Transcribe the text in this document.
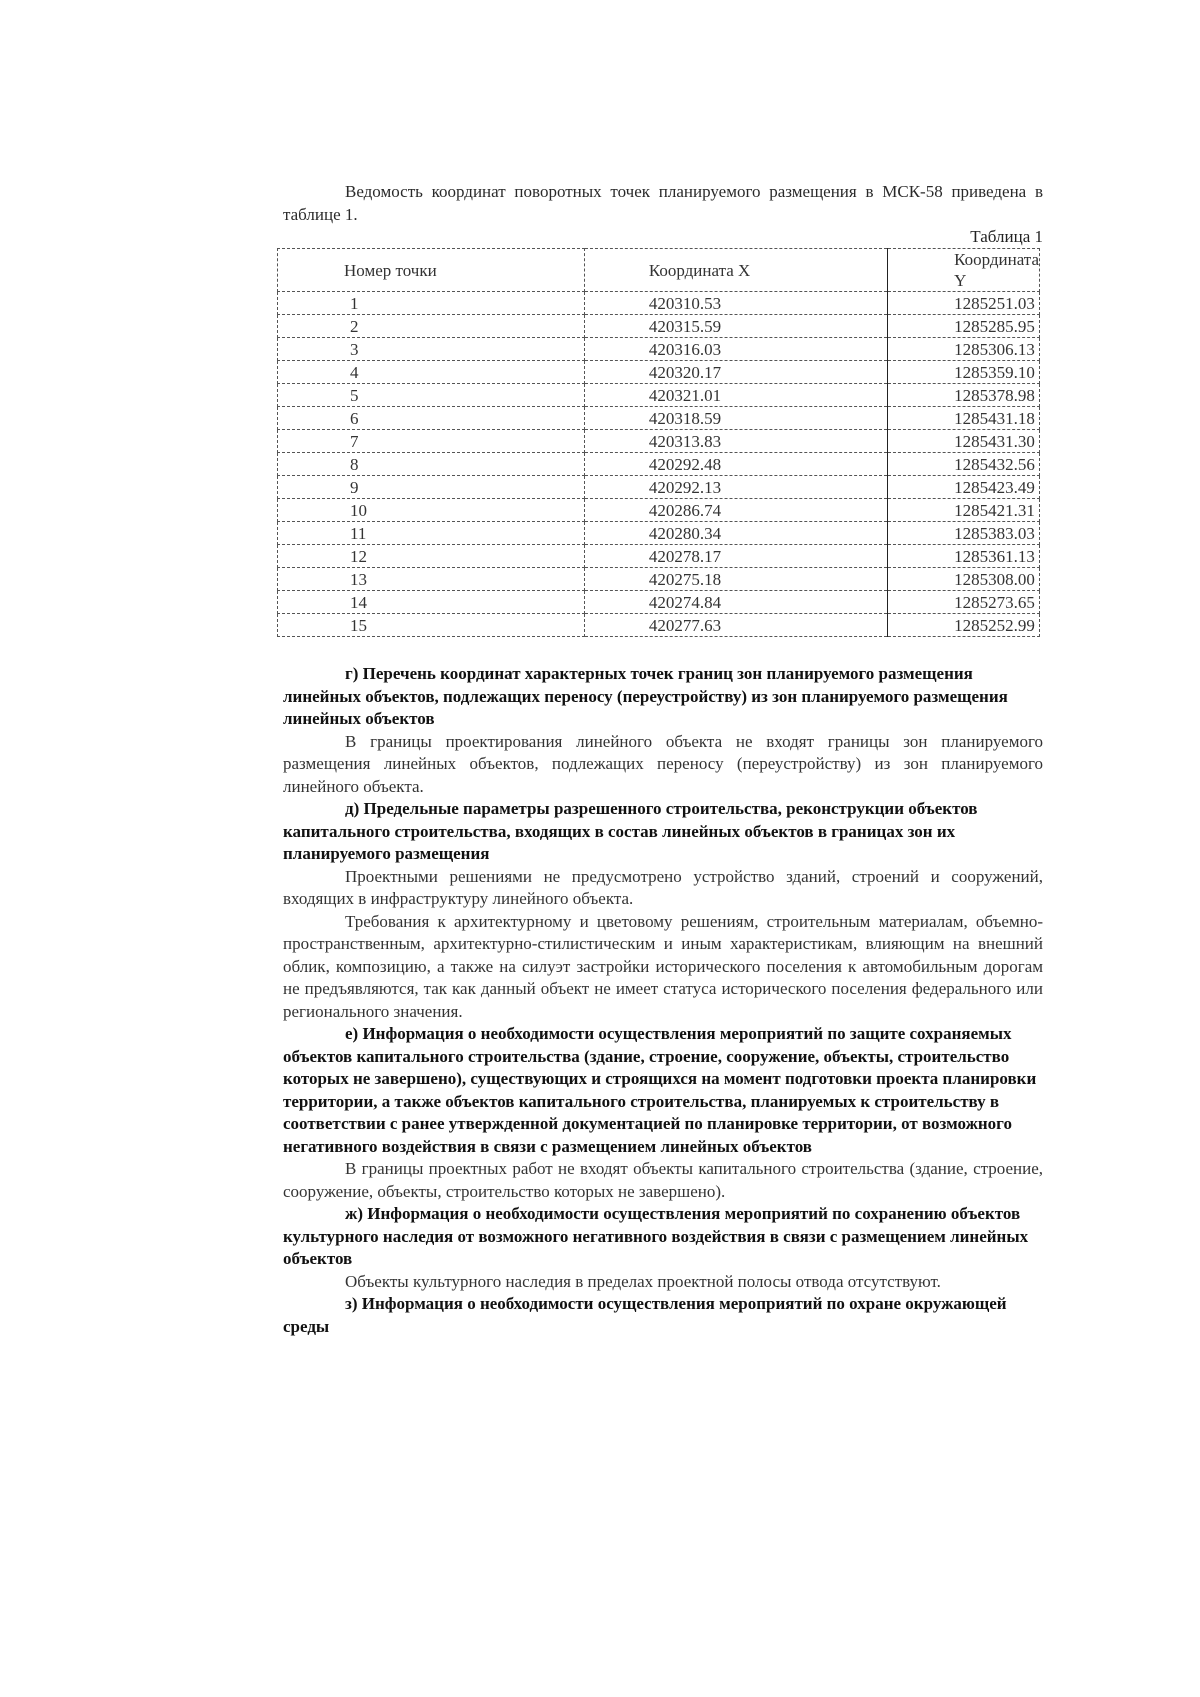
Ведомость координат поворотных точек планируемого размещения в МСК-58 приведена в таблице 1.

Таблица 1

Номер точки	Координата X	Координата Y
1	420310.53	1285251.03
2	420315.59	1285285.95
3	420316.03	1285306.13
4	420320.17	1285359.10
5	420321.01	1285378.98
6	420318.59	1285431.18
7	420313.83	1285431.30
8	420292.48	1285432.56
9	420292.13	1285423.49
10	420286.74	1285421.31
11	420280.34	1285383.03
12	420278.17	1285361.13
13	420275.18	1285308.00
14	420274.84	1285273.65
15	420277.63	1285252.99

г) Перечень координат характерных точек границ зон планируемого размещения линейных объектов, подлежащих переносу (переустройству) из зон планируемого размещения линейных объектов

В границы проектирования линейного объекта не входят границы зон планируемого размещения линейных объектов, подлежащих переносу (переустройству) из зон планируемого линейного объекта.

д) Предельные параметры разрешенного строительства, реконструкции объектов капитального строительства, входящих в состав линейных объектов в границах зон их планируемого размещения

Проектными решениями не предусмотрено устройство зданий, строений и сооружений, входящих в инфраструктуру линейного объекта.

Требования к архитектурному и цветовому решениям, строительным материалам, объемно-пространственным, архитектурно-стилистическим и иным характеристикам, влияющим на внешний облик, композицию, а также на силуэт застройки исторического поселения к автомобильным дорогам не предъявляются, так как данный объект не имеет статуса исторического поселения федерального или регионального значения.

е) Информация о необходимости осуществления мероприятий по защите сохраняемых объектов капитального строительства (здание, строение, сооружение, объекты, строительство которых не завершено), существующих и строящихся на момент подготовки проекта планировки территории, а также объектов капитального строительства, планируемых к строительству в соответствии с ранее утвержденной документацией по планировке территории, от возможного негативного воздействия в связи с размещением линейных объектов

В границы проектных работ не входят объекты капитального строительства (здание, строение, сооружение, объекты, строительство которых не завершено).

ж) Информация о необходимости осуществления мероприятий по сохранению объектов культурного наследия от возможного негативного воздействия в связи с размещением линейных объектов

Объекты культурного наследия в пределах проектной полосы отвода отсутствуют.

з) Информация о необходимости осуществления мероприятий по охране окружающей среды
